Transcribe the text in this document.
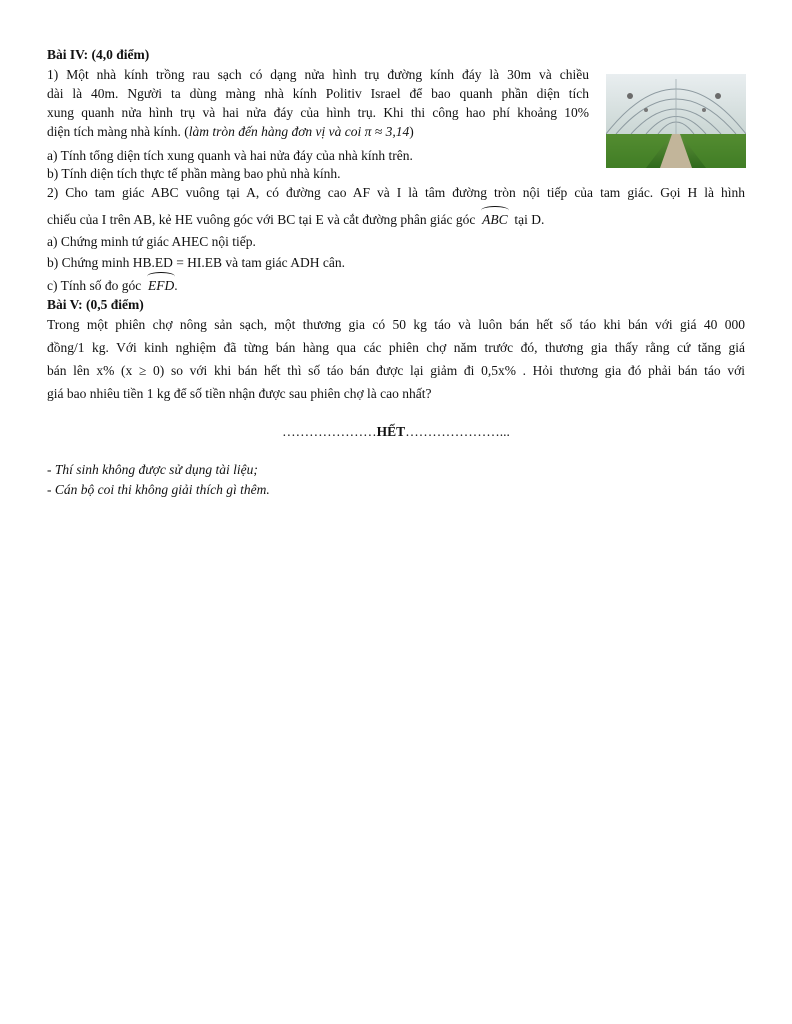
Bài IV: (4,0 điểm)
1) Một nhà kính trồng rau sạch có dạng nửa hình trụ đường kính đáy là 30m và chiều
dài là 40m. Người ta dùng màng nhà kính Politiv Israel để bao quanh phần diện tích
xung quanh nửa hình trụ và hai nửa đáy của hình trụ. Khi thi công hao phí khoảng 10%
diện tích màng nhà kính. (làm tròn đến hàng đơn vị và coi π ≈ 3,14)
a) Tính tổng diện tích xung quanh và hai nửa đáy của nhà kính trên.
b) Tính diện tích thực tế phần màng bao phủ nhà kính.
2) Cho tam giác ABC vuông tại A, có đường cao AF và I là tâm đường tròn nội tiếp của tam giác. Gọi H là hình
chiếu của I trên AB, kẻ HE vuông góc với BC tại E và cắt đường phân giác góc ABC tại D.
a) Chứng minh tứ giác AHEC nội tiếp.
b) Chứng minh HB.ED = HI.EB và tam giác ADH cân.
c) Tính số đo góc EFD.
Bài V: (0,5 điểm)
Trong một phiên chợ nông sản sạch, một thương gia có 50 kg táo và luôn bán hết số táo khi bán với giá 40 000
đồng/1 kg. Với kinh nghiệm đã từng bán hàng qua các phiên chợ năm trước đó, thương gia thấy rằng cứ tăng giá
bán lên x% (x ≥ 0) so với khi bán hết thì số táo bán được lại giảm đi 0,5x% . Hỏi thương gia đó phải bán táo với
giá bao nhiêu tiền 1 kg để số tiền nhận được sau phiên chợ là cao nhất?
…………………HẾT…………………...
- Thí sinh không được sử dụng tài liệu;
- Cán bộ coi thi không giải thích gì thêm.
